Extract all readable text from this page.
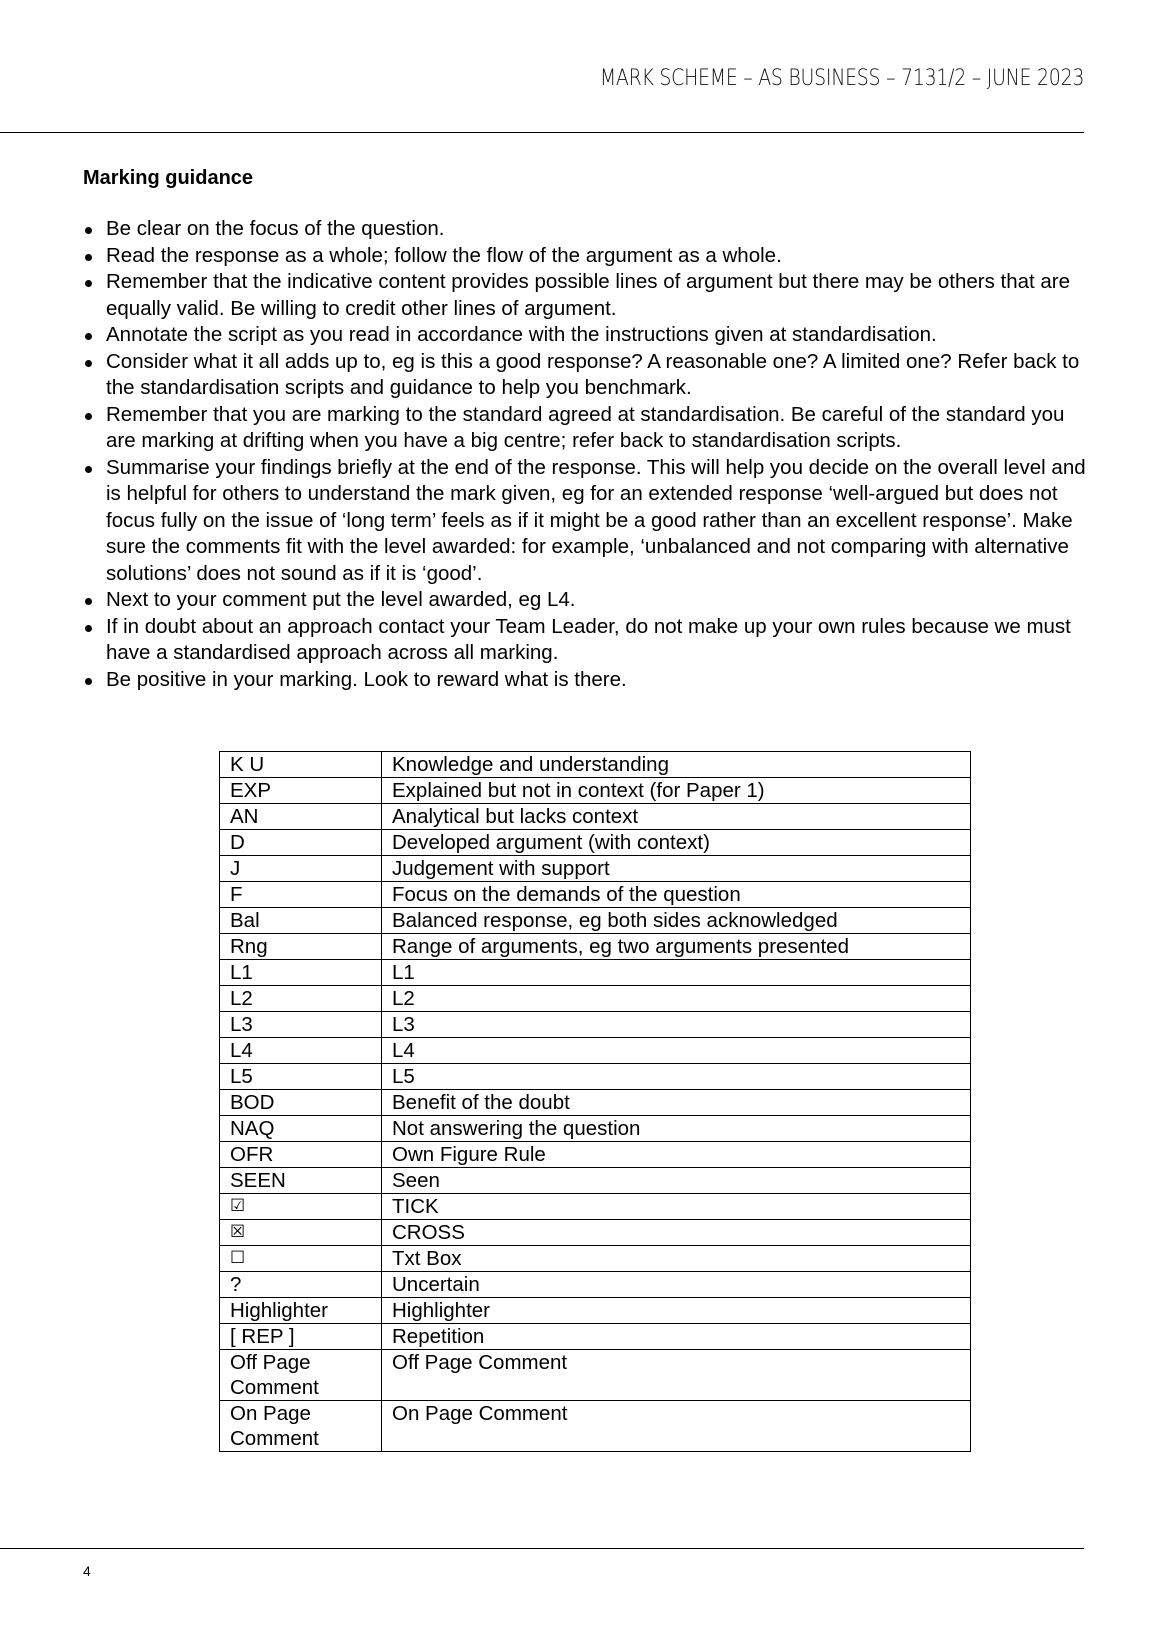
MARK SCHEME – AS BUSINESS – 7131/2 – JUNE 2023
Marking guidance
Be clear on the focus of the question.
Read the response as a whole; follow the flow of the argument as a whole.
Remember that the indicative content provides possible lines of argument but there may be others that are equally valid. Be willing to credit other lines of argument.
Annotate the script as you read in accordance with the instructions given at standardisation.
Consider what it all adds up to, eg is this a good response? A reasonable one? A limited one? Refer back to the standardisation scripts and guidance to help you benchmark.
Remember that you are marking to the standard agreed at standardisation. Be careful of the standard you are marking at drifting when you have a big centre; refer back to standardisation scripts.
Summarise your findings briefly at the end of the response. This will help you decide on the overall level and is helpful for others to understand the mark given, eg for an extended response ‘well-argued but does not focus fully on the issue of ‘long term’ feels as if it might be a good rather than an excellent response’. Make sure the comments fit with the level awarded: for example, ‘unbalanced and not comparing with alternative solutions’ does not sound as if it is ‘good’.
Next to your comment put the level awarded, eg L4.
If in doubt about an approach contact your Team Leader, do not make up your own rules because we must have a standardised approach across all marking.
Be positive in your marking. Look to reward what is there.
K U	Knowledge and understanding
EXP	Explained but not in context (for Paper 1)
AN	Analytical but lacks context
D	Developed argument (with context)
J	Judgement with support
F	Focus on the demands of the question
Bal	Balanced response, eg both sides acknowledged
Rng	Range of arguments, eg two arguments presented
L1	L1
L2	L2
L3	L3
L4	L4
L5	L5
BOD	Benefit of the doubt
NAQ	Not answering the question
OFR	Own Figure Rule
SEEN	Seen
☑	TICK
☒	CROSS
☐	Txt Box
?	Uncertain
Highlighter	Highlighter
[ REP ]	Repetition
Off Page Comment	Off Page Comment
On Page Comment	On Page Comment
4
